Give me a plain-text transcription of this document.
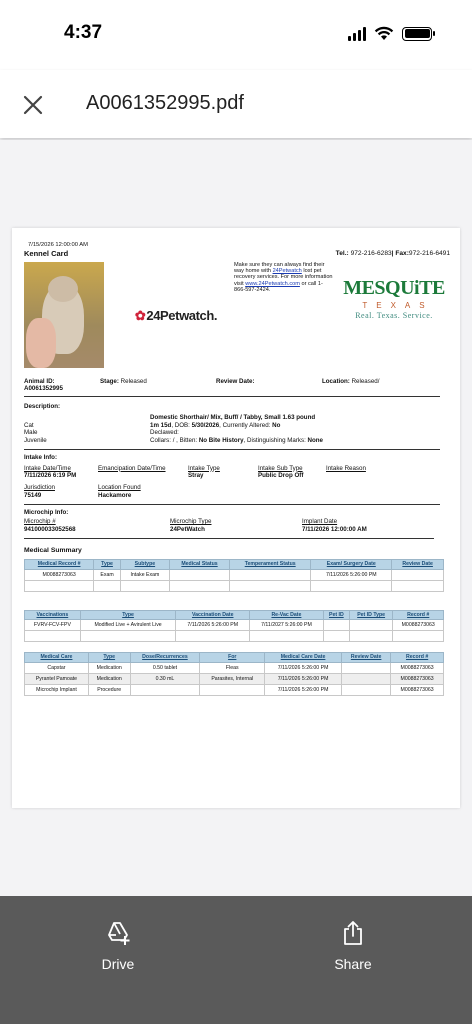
4:37
A0061352995.pdf
7/15/2026 12:00:00 AM
Kennel Card	Tel.: 972-216-6283| Fax:972-216-6491
✿ 24Petwatch.
Make sure they can always find their way home with 24Petwatch lost pet recovery services. For more information visit www.24Petwatch.com or call 1-866-597-2424.	MESQUiTE
TEXAS
Real. Texas. Service.
Animal ID:
A0061352995
Stage: Released	Review Date:	Location: Released/
Description:
Domestic Shorthair/ Mix, Buff/ / Tabby, Small 1.63 pound
Cat	1m 15d, DOB: 5/30/2026, Currently Altered: No
Male	Declawed:
Juvenile	Collars: / , Bitten: No Bite History, Distinguishing Marks: None
Intake Info:
Intake Date/Time
7/11/2026 6:19 PM
Emancipation Date/Time	Intake Type
Stray
Intake Sub Type
Public Drop Off
Intake Reason
Jurisdiction
75149
Location Found
Hackamore
Microchip Info:
Microchip #
941000033052568
Microchip Type
24PetWatch
Implant Date
7/11/2026 12:00:00 AM
Medical Summary
Medical Record #	Type	Subtype	Medical Status	Temperament Status	Exam/ Surgery Date	Review Date
M0088273063	Exam	Intake Exam			7/11/2026 5:26:00 PM	

Vaccinations	Type	Vaccination Date	Re-Vac Date	Pet ID	Pet ID Type	Record #
FVRV-FCV-FPV	Modified Live + Avirulent Live	7/11/2026 5:26:00 PM	7/11/2027 5:26:00 PM			M0088273063

Medical Care	Type	Dose/Recurrences	For	Medical Care Date	Review Date	Record #
Capstar	Medication	0.50 tablet	Fleas	7/11/2026 5:26:00 PM		M0088273063
Pyrantel Pamoate	Medication	0.30 mL	Parasites, Internal	7/11/2026 5:26:00 PM		M0088273063
Microchip Implant	Procedure			7/11/2026 5:26:00 PM		M0088273063
Drive	Share
